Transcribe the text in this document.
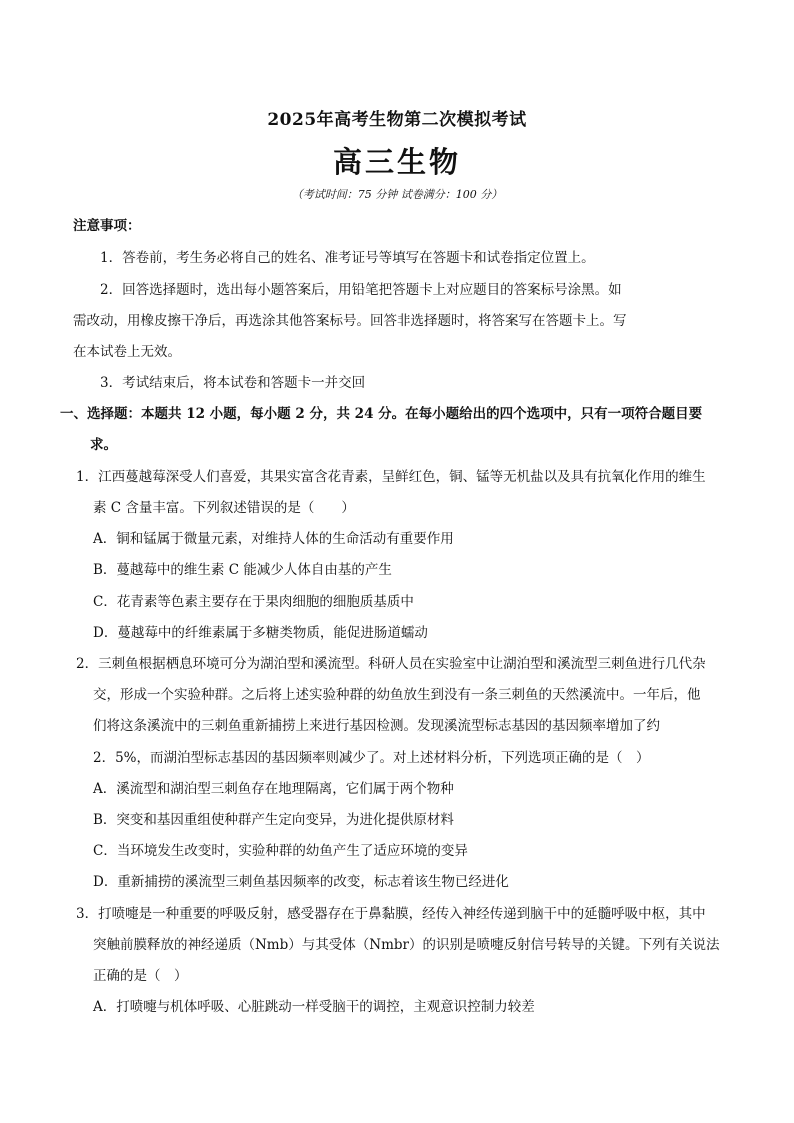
2025年高考生物第二次模拟考试
高三生物
（考试时间：75 分钟 试卷满分：100 分）
注意事项：
1．答卷前，考生务必将自己的姓名、准考证号等填写在答题卡和试卷指定位置上。
2．回答选择题时，选出每小题答案后，用铅笔把答题卡上对应题目的答案标号涂黑。如
需改动，用橡皮擦干净后，再选涂其他答案标号。回答非选择题时，将答案写在答题卡上。写
在本试卷上无效。
3．考试结束后，将本试卷和答题卡一并交回
一、选择题：本题共 12 小题，每小题 2 分，共 24 分。在每小题给出的四个选项中，只有一项符合题目要
求。
1．江西蔓越莓深受人们喜爱，其果实富含花青素，呈鲜红色，铜、锰等无机盐以及具有抗氧化作用的维生
素 C 含量丰富。下列叙述错误的是（　　）
A．铜和锰属于微量元素，对维持人体的生命活动有重要作用
B．蔓越莓中的维生素 C 能减少人体自由基的产生
C．花青素等色素主要存在于果肉细胞的细胞质基质中
D．蔓越莓中的纤维素属于多糖类物质，能促进肠道蠕动
2．三刺鱼根据栖息环境可分为湖泊型和溪流型。科研人员在实验室中让湖泊型和溪流型三刺鱼进行几代杂
交，形成一个实验种群。之后将上述实验种群的幼鱼放生到没有一条三刺鱼的天然溪流中。一年后，他
们将这条溪流中的三刺鱼重新捕捞上来进行基因检测。发现溪流型标志基因的基因频率增加了约
2．5%，而湖泊型标志基因的基因频率则减少了。对上述材料分析，下列选项正确的是（　）
A．溪流型和湖泊型三刺鱼存在地理隔离，它们属于两个物种
B．突变和基因重组使种群产生定向变异，为进化提供原材料
C．当环境发生改变时，实验种群的幼鱼产生了适应环境的变异
D．重新捕捞的溪流型三刺鱼基因频率的改变，标志着该生物已经进化
3．打喷嚏是一种重要的呼吸反射，感受器存在于鼻黏膜，经传入神经传递到脑干中的延髓呼吸中枢，其中
突触前膜释放的神经递质（Nmb）与其受体（Nmbr）的识别是喷嚏反射信号转导的关键。下列有关说法
正确的是（　）
A．打喷嚏与机体呼吸、心脏跳动一样受脑干的调控，主观意识控制力较差
